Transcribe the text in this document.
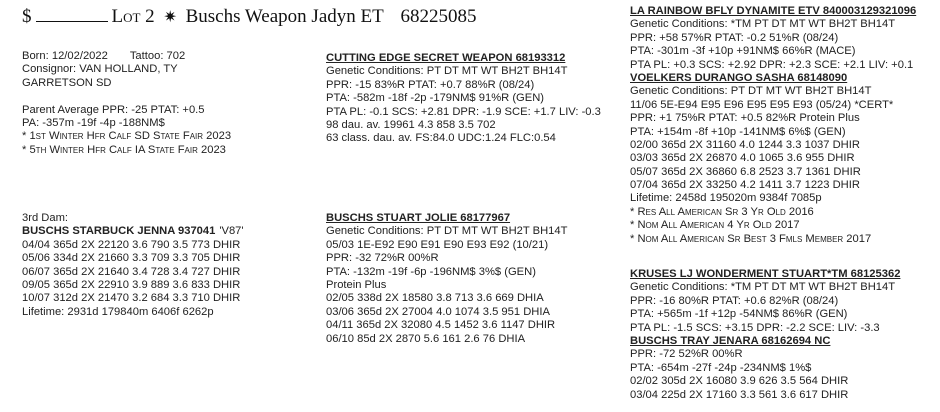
$	Lot 2 ✷ Buschs Weapon Jadyn ET 68225085
Born: 12/02/2022 Tattoo: 702
Consignor: VAN HOLLAND, TY
GARRETSON SD
Parent Average PPR: -25 PTAT: +0.5
PA: -357m -19f -4p -188NM$
* 1st Winter Hfr Calf SD State Fair 2023
* 5th Winter Hfr Calf IA State Fair 2023
3rd Dam:
BUSCHS STARBUCK JENNA 937041 'V87'
04/04 365d 2X 22120 3.6 790 3.5 773 DHIR
05/06 334d 2X 21660 3.3 709 3.3 705 DHIR
06/07 365d 2X 21640 3.4 728 3.4 727 DHIR
09/05 365d 2X 22910 3.9 889 3.6 833 DHIR
10/07 312d 2X 21470 3.2 684 3.3 710 DHIR
Lifetime: 2931d 179840m 6406f 6262p
CUTTING EDGE SECRET WEAPON 68193312
Genetic Conditions: PT DT MT WT BH2T BH14T
PPR: -15 83%R PTAT: +0.7 88%R (08/24)
PTA: -582m -18f -2p -179NM$ 91%R (GEN)
PTA PL: -0.1 SCS: +2.81 DPR: -1.9 SCE: +1.7 LIV: -0.3
98 dau. av. 19961 4.3 858 3.5 702
63 class. dau. av. FS:84.0 UDC:1.24 FLC:0.54
BUSCHS STUART JOLIE 68177967
Genetic Conditions: PT DT MT WT BH2T BH14T
05/03 1E-E92 E90 E91 E90 E93 E92 (10/21)
PPR: -32 72%R 00%R
PTA: -132m -19f -6p -196NM$ 3%$ (GEN)
Protein Plus
02/05 338d 2X 18580 3.8 713 3.6 669 DHIA
03/06 365d 2X 27004 4.0 1074 3.5 951 DHIA
04/11 365d 2X 32080 4.5 1452 3.6 1147 DHIR
06/10 85d 2X 2870 5.6 161 2.6 76 DHIA
LA RAINBOW BFLY DYNAMITE ETV 840003129321096
Genetic Conditions: *TM PT DT MT WT BH2T BH14T
PPR: +58 57%R PTAT: -0.2 51%R (08/24)
PTA: -301m -3f +10p +91NM$ 66%R (MACE)
PTA PL: +0.3 SCS: +2.92 DPR: +2.3 SCE: +2.1 LIV: +0.1
VOELKERS DURANGO SASHA 68148090
Genetic Conditions: PT DT MT WT BH2T BH14T
11/06 5E-E94 E95 E96 E95 E95 E93 (05/24) *CERT*
PPR: +1 75%R PTAT: +0.5 82%R Protein Plus
PTA: +154m -8f +10p -141NM$ 6%$ (GEN)
02/00 365d 2X 31160 4.0 1244 3.3 1037 DHIR
03/03 365d 2X 26870 4.0 1065 3.6 955 DHIR
05/07 365d 2X 36860 6.8 2523 3.7 1361 DHIR
07/04 365d 2X 33250 4.2 1411 3.7 1223 DHIR
Lifetime: 2458d 195020m 9384f 7085p
* Res All American Sr 3 Yr Old 2016
* Nom All American 4 Yr Old 2017
* Nom All American Sr Best 3 Fmls Member 2017
KRUSES LJ WONDERMENT STUART*TM 68125362
Genetic Conditions: *TM PT DT MT WT BH2T BH14T
PPR: -16 80%R PTAT: +0.6 82%R (08/24)
PTA: +565m -1f +12p -54NM$ 86%R (GEN)
PTA PL: -1.5 SCS: +3.15 DPR: -2.2 SCE: LIV: -3.3
BUSCHS TRAY JENARA 68162694 NC
PPR: -72 52%R 00%R
PTA: -654m -27f -24p -234NM$ 1%$
02/02 305d 2X 16080 3.9 626 3.5 564 DHIR
03/04 225d 2X 17160 3.3 561 3.6 617 DHIR
